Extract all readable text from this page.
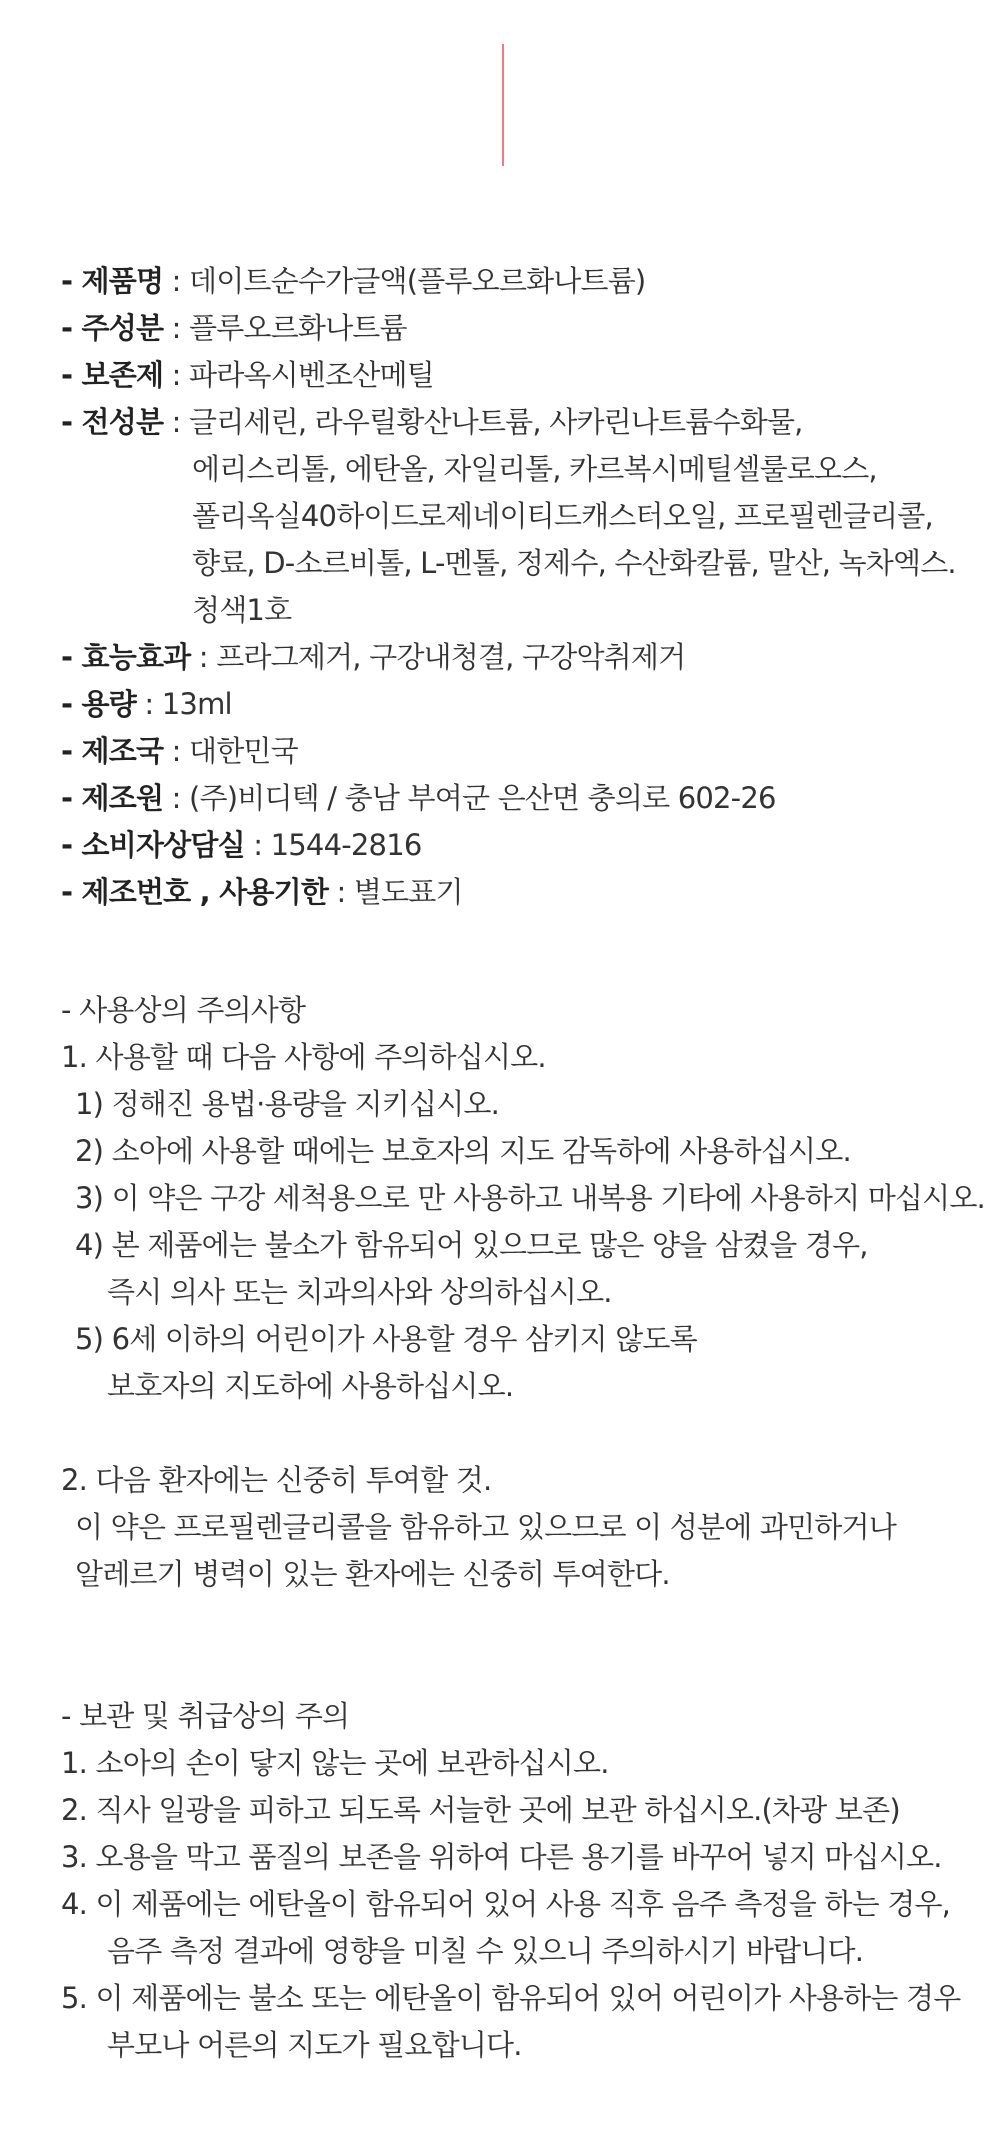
- 제품명 : 데이트순수가글액(플루오르화나트륨)
- 주성분 : 플루오르화나트륨
- 보존제 : 파라옥시벤조산메틸
- 전성분 : 글리세린, 라우릴황산나트륨, 사카린나트륨수화물,
에리스리톨, 에탄올, 자일리톨, 카르복시메틸셀룰로오스,
폴리옥실40하이드로제네이티드캐스터오일, 프로필렌글리콜,
향료, D-소르비톨, L-멘톨, 정제수, 수산화칼륨, 말산, 녹차엑스.
청색1호
- 효능효과 : 프라그제거, 구강내청결, 구강악취제거
- 용량 : 13ml
- 제조국 : 대한민국
- 제조원 : (주)비디텍 / 충남 부여군 은산면 충의로 602-26
- 소비자상담실 : 1544-2816
- 제조번호 , 사용기한 : 별도표기
- 사용상의 주의사항
1. 사용할 때 다음 사항에 주의하십시오.
1) 정해진 용법·용량을 지키십시오.
2) 소아에 사용할 때에는 보호자의 지도 감독하에 사용하십시오.
3) 이 약은 구강 세척용으로 만 사용하고 내복용 기타에 사용하지 마십시오.
4) 본 제품에는 불소가 함유되어 있으므로 많은 양을 삼켰을 경우,
즉시 의사 또는 치과의사와 상의하십시오.
5) 6세 이하의 어린이가 사용할 경우 삼키지 않도록
보호자의 지도하에 사용하십시오.
2. 다음 환자에는 신중히 투여할 것.
이 약은 프로필렌글리콜을 함유하고 있으므로 이 성분에 과민하거나
알레르기 병력이 있는 환자에는 신중히 투여한다.
- 보관 및 취급상의 주의
1. 소아의 손이 닿지 않는 곳에 보관하십시오.
2. 직사 일광을 피하고 되도록 서늘한 곳에 보관 하십시오.(차광 보존)
3. 오용을 막고 품질의 보존을 위하여 다른 용기를 바꾸어 넣지 마십시오.
4. 이 제품에는 에탄올이 함유되어 있어 사용 직후 음주 측정을 하는 경우,
음주 측정 결과에 영향을 미칠 수 있으니 주의하시기 바랍니다.
5. 이 제품에는 불소 또는 에탄올이 함유되어 있어 어린이가 사용하는 경우
부모나 어른의 지도가 필요합니다.
